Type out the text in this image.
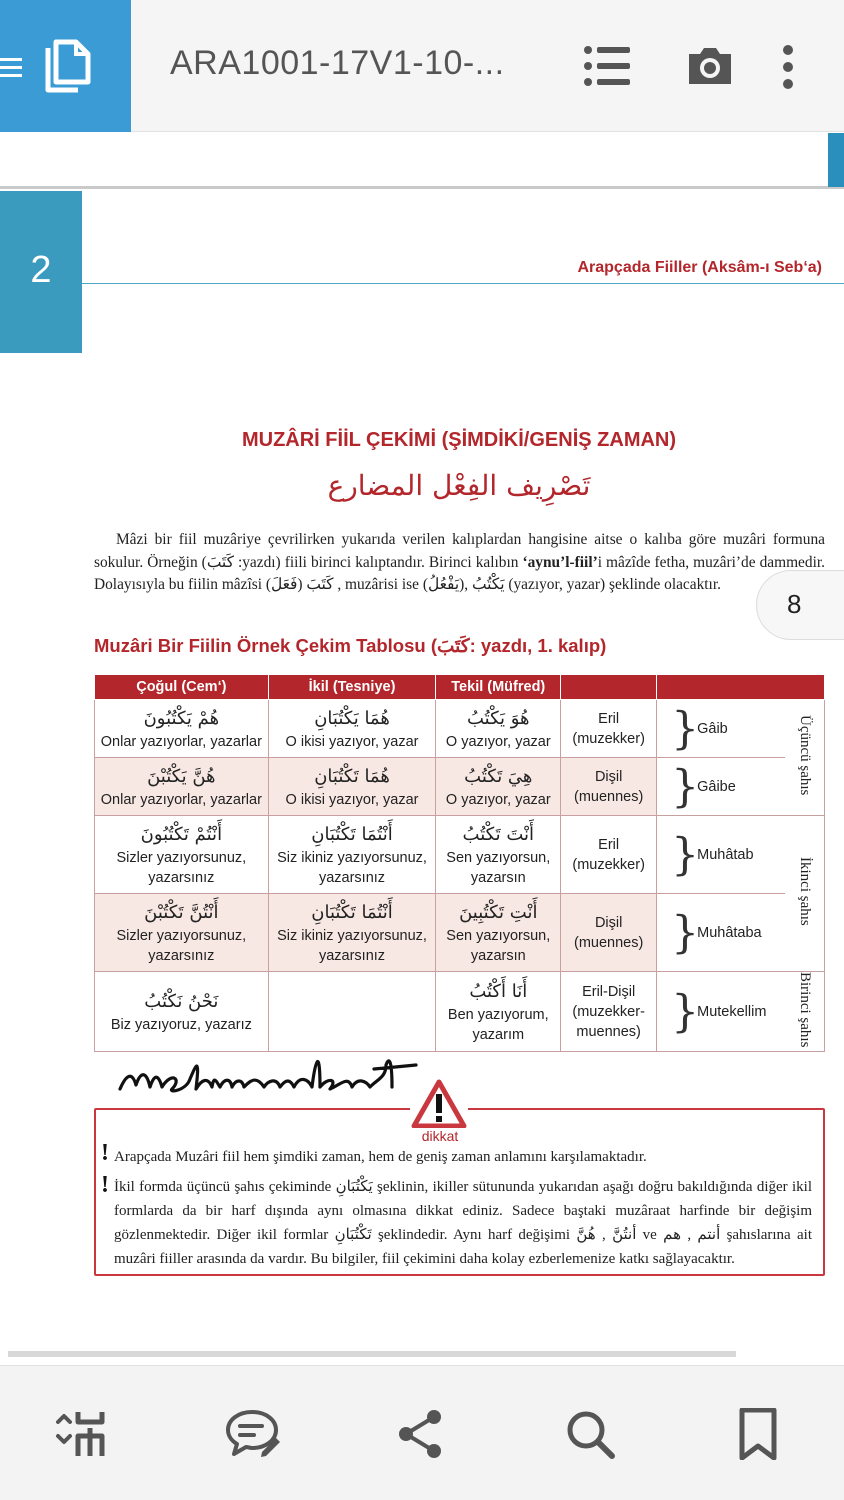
ARA1001-17V1-10-...
2	Arapçada Fiiller (Aksâm-ı Seb‘a)
MUZÂRİ FİİL ÇEKİMİ (ŞİMDİKİ/GENİŞ ZAMAN)
تَصْرِيف الفِعْل المضارع
Mâzi bir fiil muzâriye çevrilirken yukarıda verilen kalıplardan hangisine aitse o kalıba göre muzâri formuna sokulur. Örneğin (كَتَبَ :yazdı) fiili birinci kalıptandır. Birinci kalıbın ‘aynu’l-fiil’i mâzîde fetha, muzâri’de dammedir. Dolayısıyla bu fiilin mâzîsi (فَعَلَ) كَتَبَ , muzârisi ise (يَفْعُلُ), يَكْتُبُ (yazıyor, yazar) şeklinde olacaktır.
8
Muzâri Bir Fiilin Örnek Çekim Tablosu (كَتَبَ: yazdı, 1. kalıp)
Çoğul (Cem‘)	İkil (Tesniye)	Tekil (Müfred)			

هُمْ يَكْتُبُونَ
Onlar yazıyorlar, yazarlar	هُمَا يَكْتُبَانِ
O ikisi yazıyor, yazar	هُوَ يَكْتُبُ
O yazıyor, yazar	Eril
(muzekker)	}
Gâib	Üçüncü şahıs

هُنَّ يَكْتُبْنَ
Onlar yazıyorlar, yazarlar	هُمَا تَكْتُبَانِ
O ikisi yazıyor, yazar	هِيَ تَكْتُبُ
O yazıyor, yazar	Dişil
(muennes)	}
Gâibe	

أَنْتُمْ تَكْتُبُونَ
Sizler yazıyorsunuz,
yazarsınız	أَنْتُمَا تَكْتُبَانِ
Siz ikiniz yazıyorsunuz,
yazarsınız	أَنْتَ تَكْتُبُ
Sen yazıyorsun,
yazarsın	Eril
(muzekker)	}
Muhâtab	İkinci şahıs

أَنْتُنَّ تَكْتُبْنَ
Sizler yazıyorsunuz,
yazarsınız	أَنْتُمَا تَكْتُبَانِ
Siz ikiniz yazıyorsunuz,
yazarsınız	أَنْتِ تَكْتُبِينَ
Sen yazıyorsun,
yazarsın	Dişil
(muennes)	}
Muhâtaba	

نَحْنُ نَكْتُبُ
Biz yazıyoruz, yazarız		أَنَا أَكْتُبُ
Ben yazıyorum,
yazarım	Eril-Dişil
(muzekker-
muennes)	}
Mutekellim	Birinci şahıs
dikkat
!
!
Arapçada Muzâri fiil hem şimdiki zaman, hem de geniş zaman anlamını karşılamaktadır.
İkil formda üçüncü şahıs çekiminde يَكْتُبَانِ şeklinin, ikiller sütununda yukarıdan aşağı doğru bakıldığında diğer ikil formlarda da bir harf dışında aynı olmasına dikkat ediniz. Sadece baştaki muzâraat harfinde bir değişim gözlenmektedir. Diğer ikil formlar تَكْتُبَانِ şeklindedir. Aynı harf değişimi هُنَّ , أنتُنَّ ve هم , أنتم şahıslarına ait muzâri fiiller arasında da vardır. Bu bilgiler, fiil çekimini daha kolay ezberlemenize katkı sağlayacaktır.
